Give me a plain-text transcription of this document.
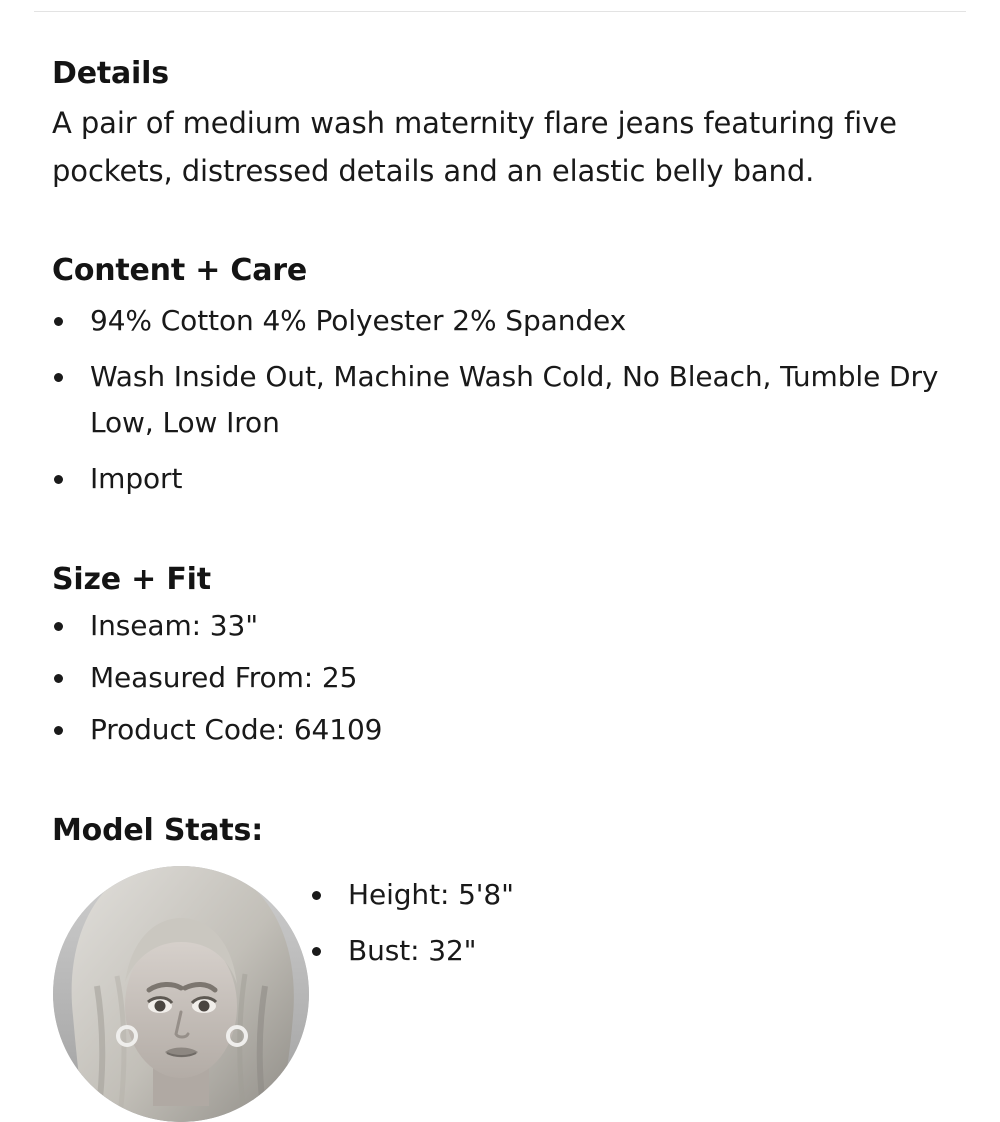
Details

A pair of medium wash maternity flare jeans featuring five pockets, distressed details and an elastic belly band.

Content + Care
94% Cotton 4% Polyester 2% Spandex
Wash Inside Out, Machine Wash Cold, No Bleach, Tumble Dry Low, Low Iron
Import
Size + Fit
Inseam: 33"
Measured From: 25
Product Code: 64109
Model Stats:
Height: 5'8"
Bust: 32"
